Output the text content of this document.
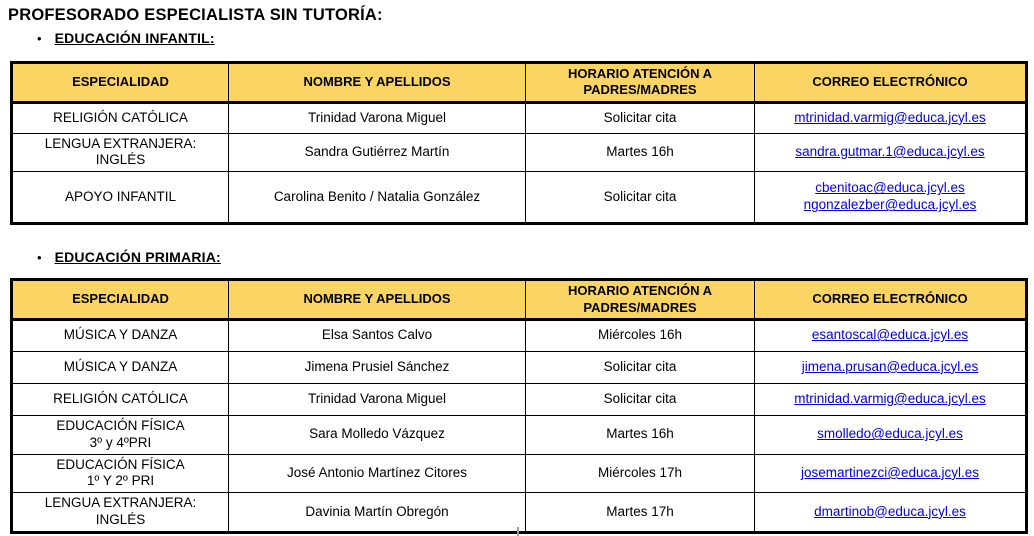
PROFESORADO ESPECIALISTA SIN TUTORÍA:
• EDUCACIÓN INFANTIL:
ESPECIALIDAD	NOMBRE Y APELLIDOS	HORARIO ATENCIÓN A PADRES/MADRES	CORREO ELECTRÓNICO

RELIGIÓN CATÓLICA	Trinidad Varona Miguel	Solicitar cita	mtrinidad.varmig@educa.jcyl.es

LENGUA EXTRANJERA:
INGLÉS	Sandra Gutiérrez Martín	Martes 16h	sandra.gutmar.1@educa.jcyl.es

APOYO INFANTIL	Carolina Benito / Natalia González	Solicitar cita	cbenitoac@educa.jcyl.es
ngonzalezber@educa.jcyl.es
• EDUCACIÓN PRIMARIA:
ESPECIALIDAD	NOMBRE Y APELLIDOS	HORARIO ATENCIÓN A PADRES/MADRES	CORREO ELECTRÓNICO

MÚSICA Y DANZA	Elsa Santos Calvo	Miércoles 16h	esantoscal@educa.jcyl.es

MÚSICA Y DANZA	Jimena Prusiel Sánchez	Solicitar cita	jimena.prusan@educa.jcyl.es

RELIGIÓN CATÓLICA	Trinidad Varona Miguel	Solicitar cita	mtrinidad.varmig@educa.jcyl.es

EDUCACIÓN FÍSICA
3º y 4ºPRI	Sara Molledo Vázquez	Martes 16h	smolledo@educa.jcyl.es

EDUCACIÓN FÍSICA
1º Y 2º PRI	José Antonio Martínez Citores	Miércoles 17h	josemartinezci@educa.jcyl.es

LENGUA EXTRANJERA:
INGLÉS	Davinia Martín Obregón	Martes 17h	dmartinob@educa.jcyl.es
